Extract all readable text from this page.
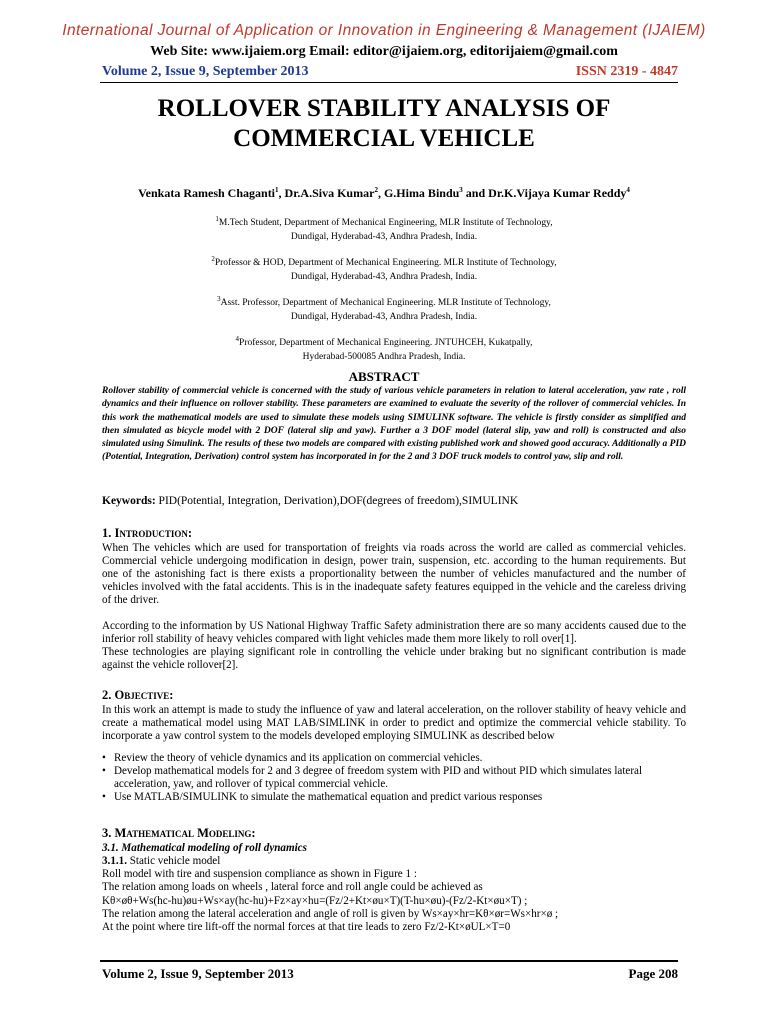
International Journal of Application or Innovation in Engineering & Management (IJAIEM)
Web Site: www.ijaiem.org Email: editor@ijaiem.org, editorijaiem@gmail.com
Volume 2, Issue 9, September 2013	ISSN 2319 - 4847
ROLLOVER STABILITY ANALYSIS OF
COMMERCIAL VEHICLE
Venkata Ramesh Chaganti$^1$, Dr.A.Siva Kumar$^2$, G.Hima Bindu$^3$ and Dr.K.Vijaya Kumar Reddy$^4$
$^1$M.Tech Student, Department of Mechanical Engineering, MLR Institute of Technology,
Dundigal, Hyderabad-43, Andhra Pradesh, India.
$^2$Professor & HOD, Department of Mechanical Engineering. MLR Institute of Technology,
Dundigal, Hyderabad-43, Andhra Pradesh, India.
$^3$Asst. Professor, Department of Mechanical Engineering. MLR Institute of Technology,
Dundigal, Hyderabad-43, Andhra Pradesh, India.
$^4$Professor, Department of Mechanical Engineering. JNTUHCEH, Kukatpally,
Hyderabad-500085 Andhra Pradesh, India.
ABSTRACT
Rollover stability of commercial vehicle is concerned with the study of various vehicle parameters in relation to lateral acceleration, yaw rate , roll dynamics and their influence on rollover stability. These parameters are examined to evaluate the severity of the rollover of commercial vehicles. In this work the mathematical models are used to simulate these models using SIMULINK software. The vehicle is firstly consider as simplified and then simulated as bicycle model with 2 DOF (lateral slip and yaw). Further a 3 DOF model (lateral slip, yaw and roll) is constructed and also simulated using Simulink. The results of these two models are compared with existing published work and showed good accuracy. Additionally a PID (Potential, Integration, Derivation) control system has incorporated in for the 2 and 3 DOF truck models to control yaw, slip and roll.
Keywords: PID(Potential, Integration, Derivation),DOF(degrees of freedom),SIMULINK
1. Introduction:
When The vehicles which are used for transportation of freights via roads across the world are called as commercial vehicles. Commercial vehicle undergoing modification in design, power train, suspension, etc. according to the human requirements. But one of the astonishing fact is there exists a proportionality between the number of vehicles manufactured and the number of vehicles involved with the fatal accidents. This is in the inadequate safety features equipped in the vehicle and the careless driving of the driver.
According to the information by US National Highway Traffic Safety administration there are so many accidents caused due to the inferior roll stability of heavy vehicles compared with light vehicles made them more likely to roll over[1].
These technologies are playing significant role in controlling the vehicle under braking but no significant contribution is made against the vehicle rollover[2].
2. Objective:
In this work an attempt is made to study the influence of yaw and lateral acceleration, on the rollover stability of heavy vehicle and create a mathematical model using MAT LAB/SIMLINK in order to predict and optimize the commercial vehicle stability. To incorporate a yaw control system to the models developed employing SIMULINK as described below
• Review the theory of vehicle dynamics and its application on commercial vehicles.
• Develop mathematical models for 2 and 3 degree of freedom system with PID and without PID which simulates lateral acceleration, yaw, and rollover of typical commercial vehicle.
• Use MATLAB/SIMULINK to simulate the mathematical equation and predict various responses
3. Mathematical Modeling:
3.1. Mathematical modeling of roll dynamics
3.1.1. Static vehicle model
Roll model with tire and suspension compliance as shown in Figure 1 :
The relation among loads on wheels , lateral force and roll angle could be achieved as
Kθ×øθ+Ws(hc-hu)øu+Ws×ay(hc-hu)+Fz×ay×hu=(Fz/2+Kt×øu×T)(T-hu×øu)-(Fz/2-Kt×øu×T) ;
The relation among the lateral acceleration and angle of roll is given by Ws×ay×hr=Kθ×ør=Ws×hr×ø ;
At the point where tire lift-off the normal forces at that tire leads to zero Fz/2-Kt×øUL×T=0
Volume 2, Issue 9, September 2013	Page 208
